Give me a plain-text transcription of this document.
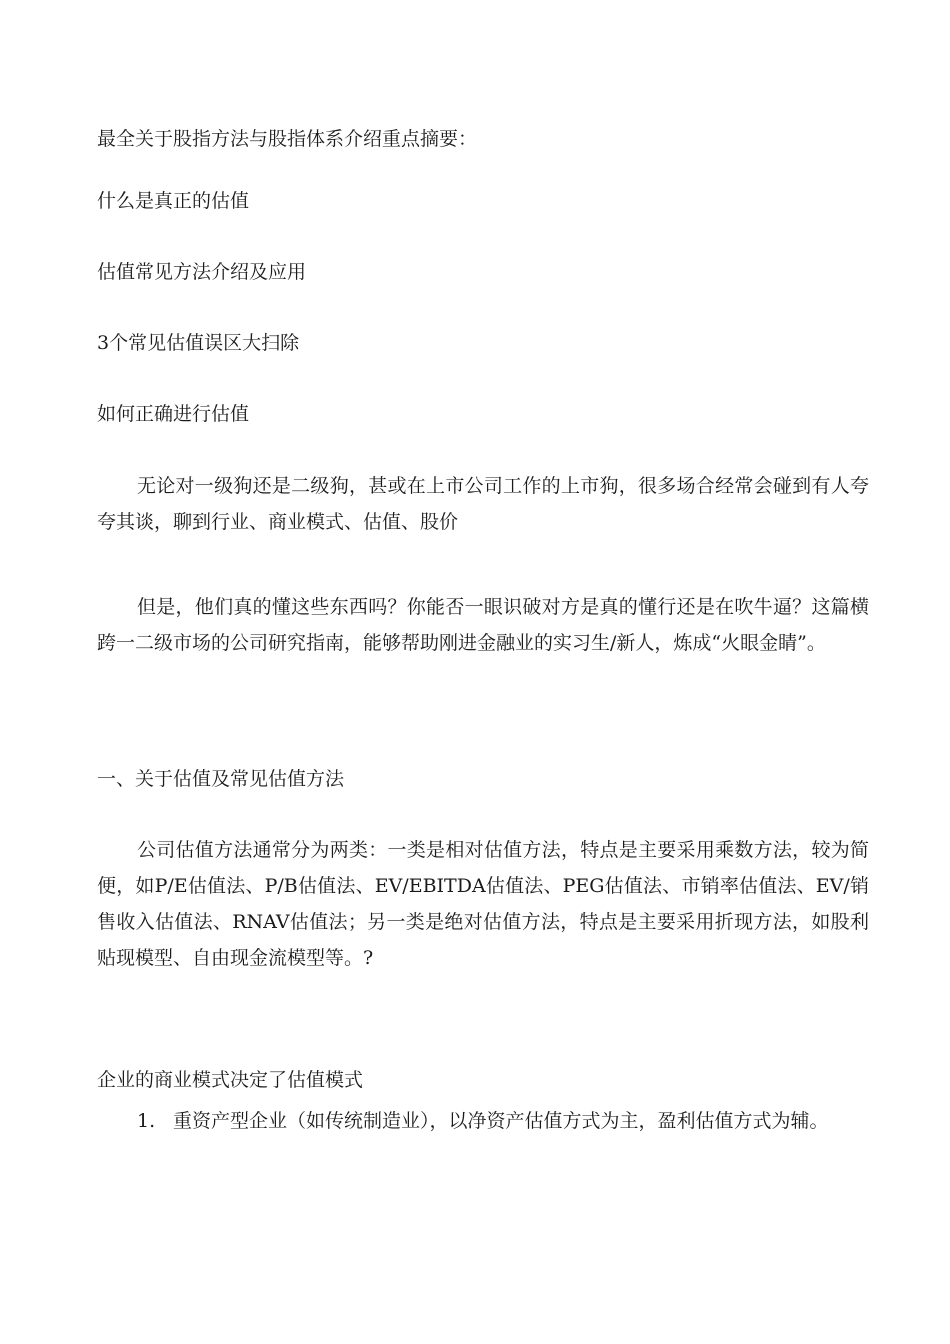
最全关于股指方法与股指体系介绍重点摘要：

什么是真正的估值

估值常见方法介绍及应用

3个常见估值误区大扫除

如何正确进行估值

无论对一级狗还是二级狗，甚或在上市公司工作的上市狗，很多场合经常会碰到有人夸夸其谈，聊到行业、商业模式、估值、股价

但是，他们真的懂这些东西吗？你能否一眼识破对方是真的懂行还是在吹牛逼？这篇横跨一二级市场的公司研究指南，能够帮助刚进金融业的实习生/新人，炼成“火眼金睛”。

一、关于估值及常见估值方法

公司估值方法通常分为两类：一类是相对估值方法，特点是主要采用乘数方法，较为简便，如P/E估值法、P/B估值法、EV/EBITDA估值法、PEG估值法、市销率估值法、EV/销售收入估值法、RNAV估值法；另一类是绝对估值方法，特点是主要采用折现方法，如股利贴现模型、自由现金流模型等。?

企业的商业模式决定了估值模式

1. 重资产型企业（如传统制造业），以净资产估值方式为主，盈利估值方式为辅。
